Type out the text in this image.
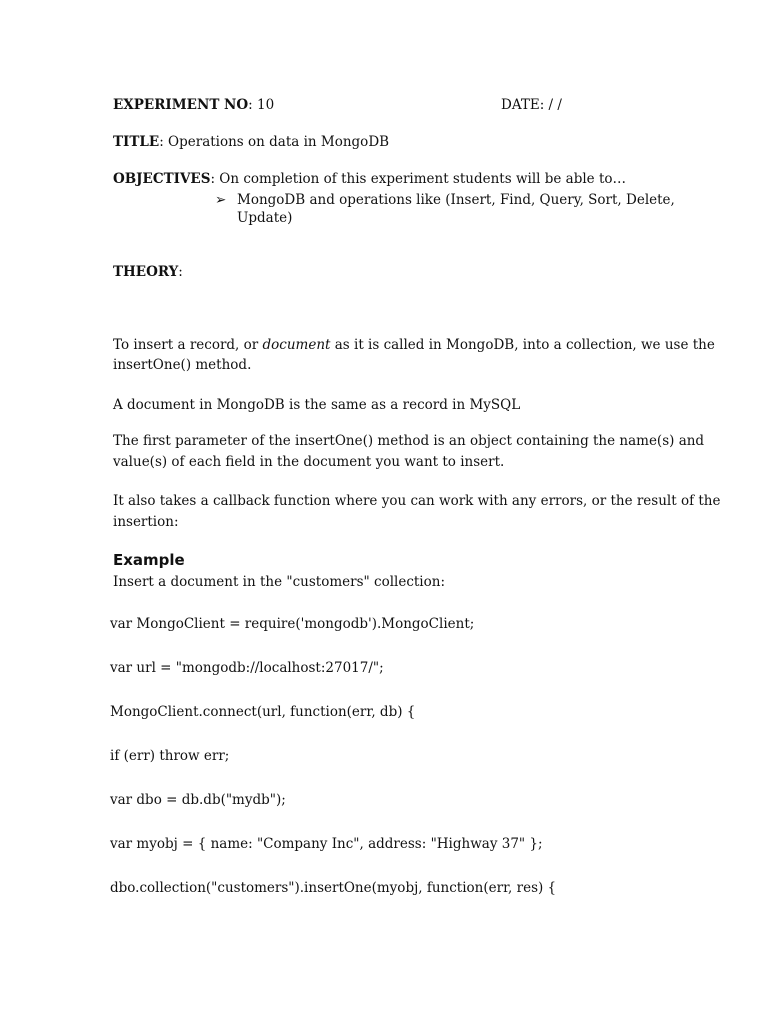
EXPERIMENT NO: 10	DATE: / /
TITLE: Operations on data in MongoDB
OBJECTIVES: On completion of this experiment students will be able to…
➢ MongoDB and operations like (Insert, Find, Query, Sort, Delete,
Update)
THEORY:
To insert a record, or document as it is called in MongoDB, into a collection, we use the
insertOne() method.
A document in MongoDB is the same as a record in MySQL
The first parameter of the insertOne() method is an object containing the name(s) and
value(s) of each field in the document you want to insert.
It also takes a callback function where you can work with any errors, or the result of the
insertion:
Example
Insert a document in the "customers" collection:
var MongoClient = require('mongodb').MongoClient;
var url = "mongodb://localhost:27017/";
MongoClient.connect(url, function(err, db) {
if (err) throw err;
var dbo = db.db("mydb");
var myobj = { name: "Company Inc", address: "Highway 37" };
dbo.collection("customers").insertOne(myobj, function(err, res) {
